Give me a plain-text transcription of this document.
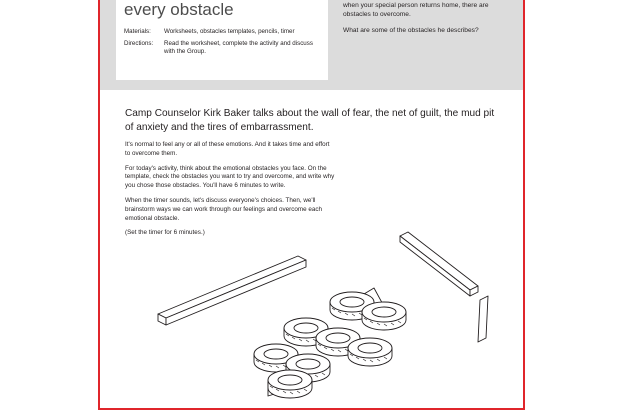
every obstacle
Materials:	Worksheets, obstacles templates, pencils, timer
Directions:	Read the worksheet, complete the activity and discuss with the Group.

when your special person returns home, there are obstacles to overcome.

What are some of the obstacles he describes?

Camp Counselor Kirk Baker talks about the wall of fear, the net of guilt, the mud pit of anxiety and the tires of embarrassment.

It's normal to feel any or all of these emotions. And it takes time and effort to overcome them.

For today's activity, think about the emotional obstacles you face. On the template, check the obstacles you want to try and overcome, and write why you chose those obstacles. You'll have 6 minutes to write.

When the timer sounds, let's discuss everyone's choices. Then, we'll brainstorm ways we can work through our feelings and overcome each emotional obstacle.

(Set the timer for 6 minutes.)
